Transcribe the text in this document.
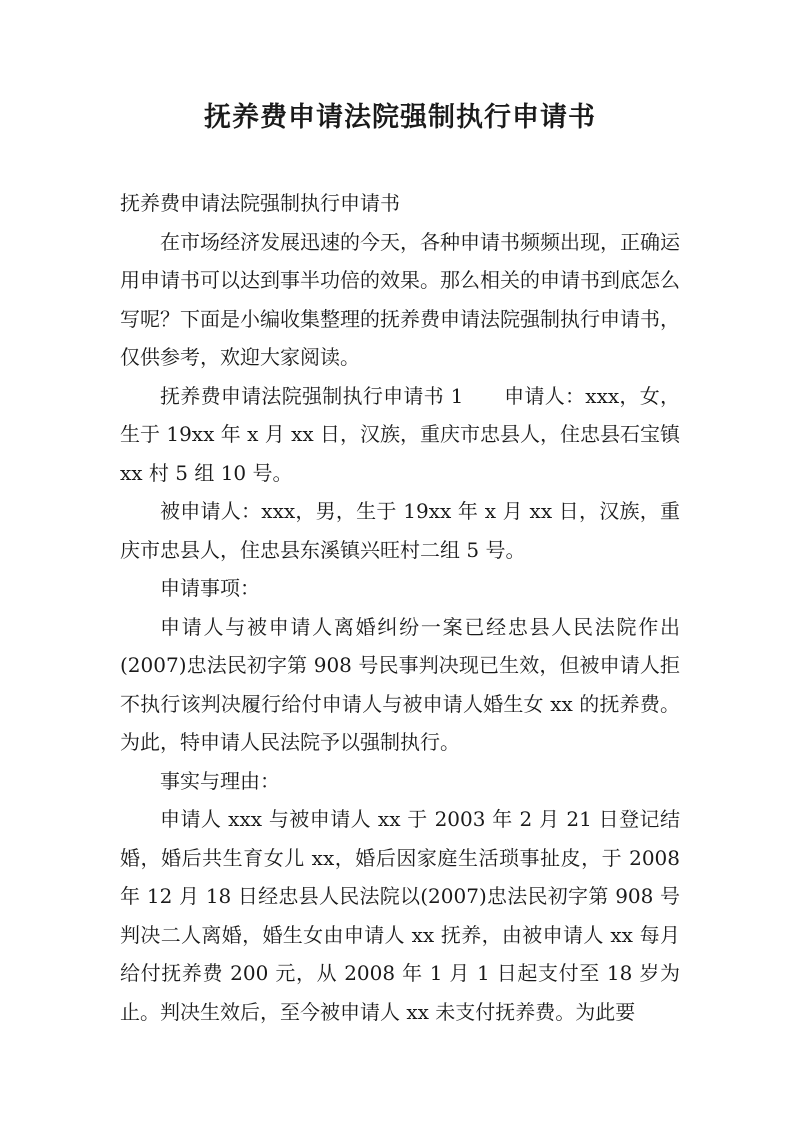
抚养费申请法院强制执行申请书

抚养费申请法院强制执行申请书

在市场经济发展迅速的今天，各种申请书频频出现，正确运用申请书可以达到事半功倍的效果。那么相关的申请书到底怎么写呢？下面是小编收集整理的抚养费申请法院强制执行申请书，仅供参考，欢迎大家阅读。

抚养费申请法院强制执行申请书 1　　申请人：xxx，女，生于 19xx 年 x 月 xx 日，汉族，重庆市忠县人，住忠县石宝镇 xx 村 5 组 10 号。

被申请人：xxx，男，生于 19xx 年 x 月 xx 日，汉族，重庆市忠县人，住忠县东溪镇兴旺村二组 5 号。

申请事项：

申请人与被申请人离婚纠纷一案已经忠县人民法院作出(2007)忠法民初字第 908 号民事判决现已生效，但被申请人拒不执行该判决履行给付申请人与被申请人婚生女 xx 的抚养费。为此，特申请人民法院予以强制执行。

事实与理由：

申请人 xxx 与被申请人 xx 于 2003 年 2 月 21 日登记结婚，婚后共生育女儿 xx，婚后因家庭生活琐事扯皮，于 2008 年 12 月 18 日经忠县人民法院以(2007)忠法民初字第 908 号判决二人离婚，婚生女由申请人 xx 抚养，由被申请人 xx 每月给付抚养费 200 元，从 2008 年 1 月 1 日起支付至 18 岁为止。判决生效后，至今被申请人 xx 未支付抚养费。为此要
